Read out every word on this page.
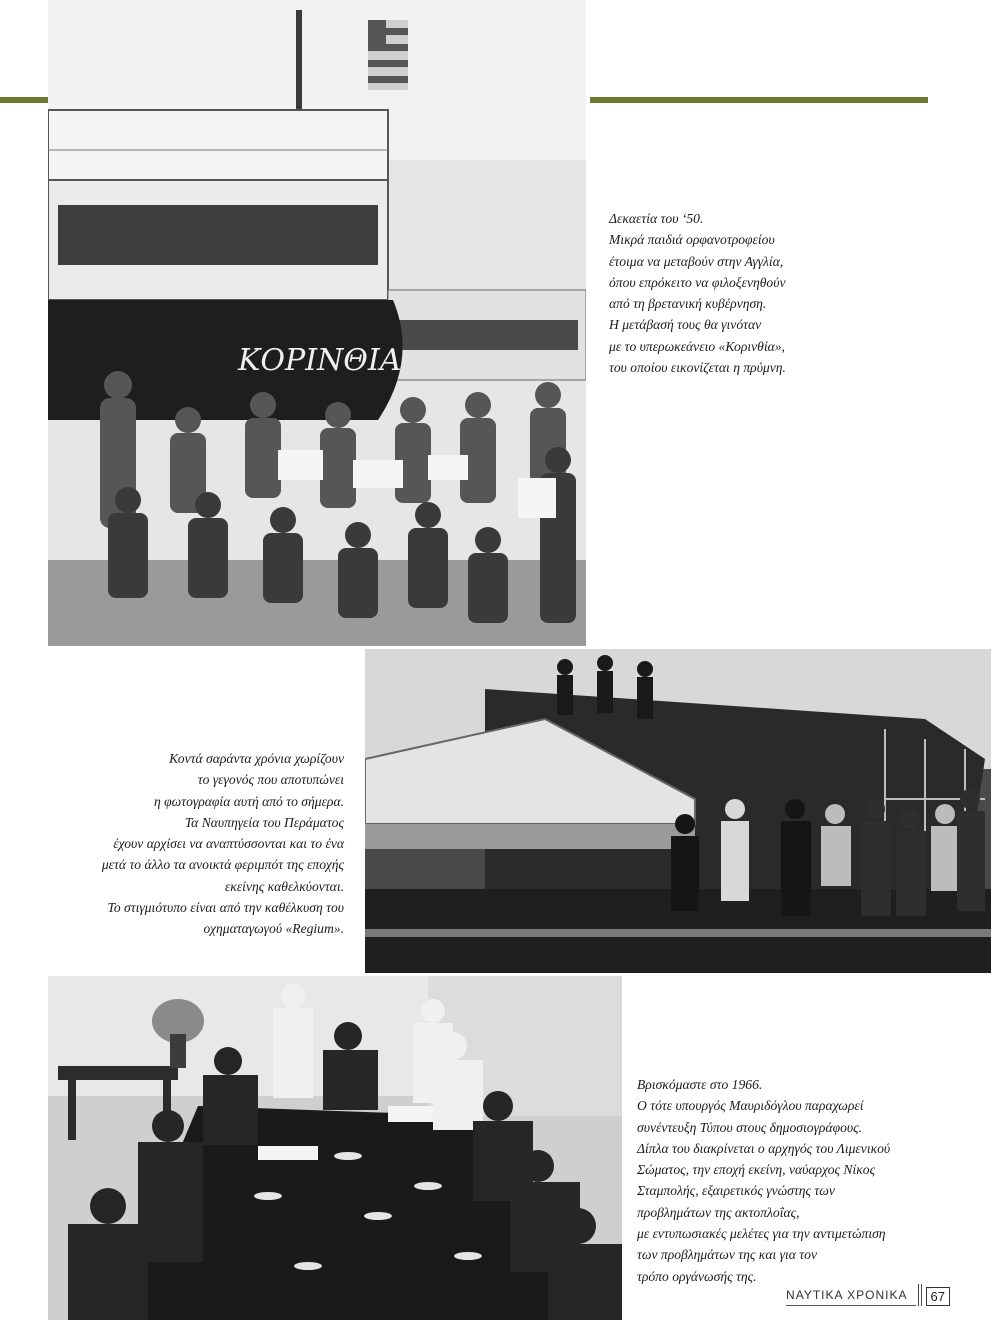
ΚΟΡΙΝΘΙΑ
Δεκαετία του ‘50.
Μικρά παιδιά ορφανοτροφείου
έτοιμα να μεταβούν στην Αγγλία,
όπου επρόκειτο να φιλοξενηθούν
από τη βρετανική κυβέρνηση.
Η μετάβασή τους θα γινόταν
με το υπερωκεάνειο «Κορινθία»,
του οποίου εικονίζεται η πρύμνη.
Κοντά σαράντα χρόνια χωρίζουν
το γεγονός που αποτυπώνει
η φωτογραφία αυτή από το σήμερα.
Τα Ναυπηγεία του Περάματος
έχουν αρχίσει να αναπτύσσονται και το ένα
μετά το άλλο τα ανοικτά φεριμπότ της εποχής
εκείνης καθελκύονται.
Το στιγμιότυπο είναι από την καθέλκυση του
οχηματαγωγού «Regium».
Βρισκόμαστε στο 1966.
Ο τότε υπουργός Μαυριδόγλου παραχωρεί
συνέντευξη Τύπου στους δημοσιογράφους.
Δίπλα του διακρίνεται ο αρχηγός του Λιμενικού
Σώματος, την εποχή εκείνη, ναύαρχος Νίκος
Σταμπολής, εξαιρετικός γνώστης των
προβλημάτων της ακτοπλοΐας,
με εντυπωσιακές μελέτες για την αντιμετώπιση
των προβλημάτων της και για τον
τρόπο οργάνωσής της.
ΝΑΥΤΙΚΑ ΧΡΟΝΙΚΑ	67
